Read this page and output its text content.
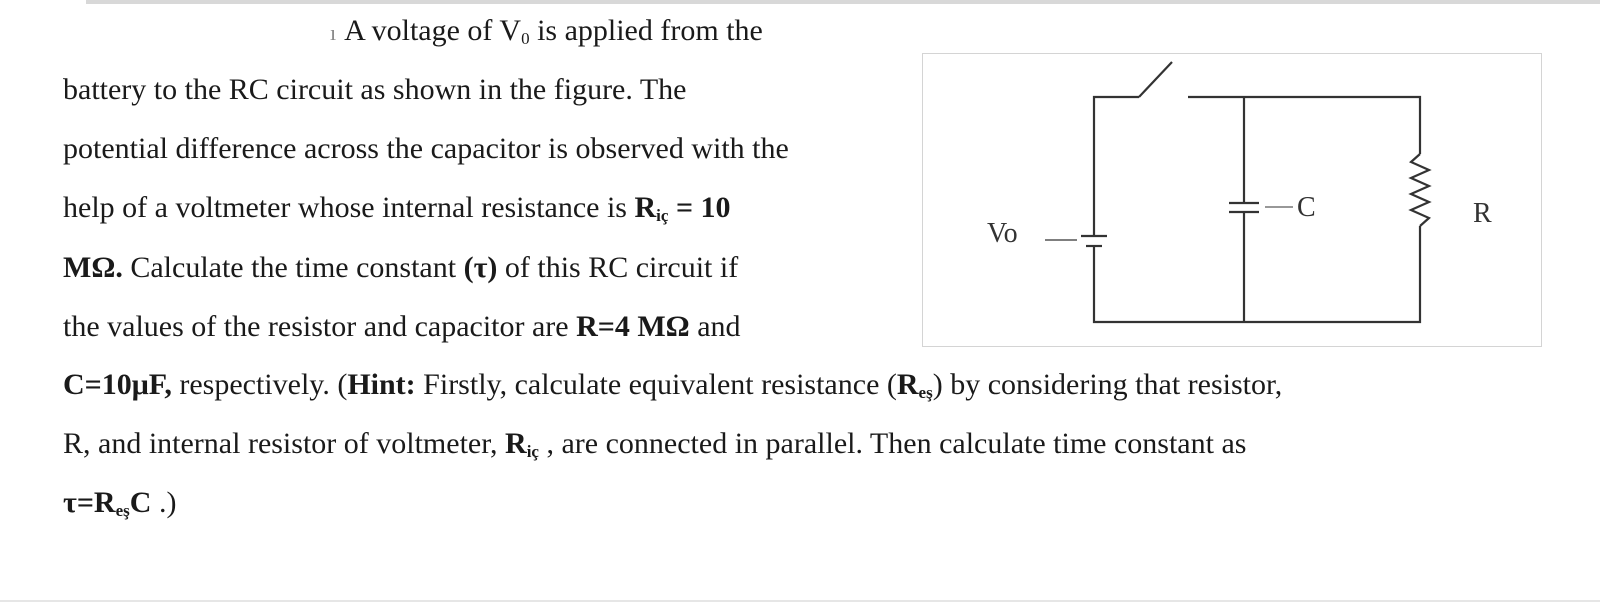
ı A voltage of $V_0$ is applied from the
battery to the RC circuit as shown in the figure. The
potential difference across the capacitor is observed with the
help of a voltmeter whose internal resistance is Riç = 10
MΩ. Calculate the time constant (τ) of this RC circuit if
the values of the resistor and capacitor are R=4 MΩ and
C=10μF, respectively. (Hint: Firstly, calculate equivalent resistance (Reş) by considering that resistor,
R, and internal resistor of voltmeter, Riç , are connected in parallel. Then calculate time constant as
τ=ReşC .)
Vo
C	R
